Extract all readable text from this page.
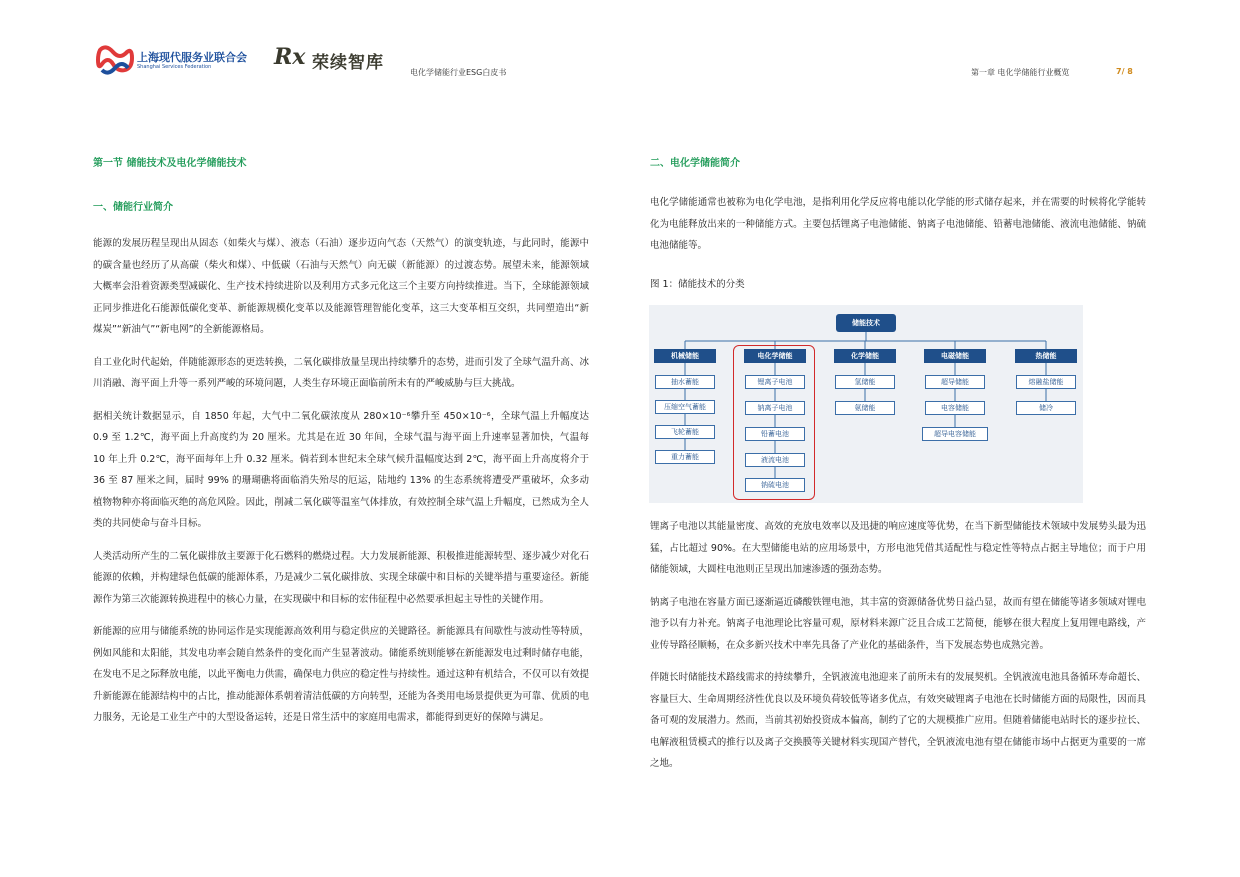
上海现代服务业联合会
Shanghai Services Federation	Rx 荣续智库	电化学储能行业ESG白皮书	第一章 电化学储能行业概览	7/ 8

第一节 储能技术及电化学储能技术

一、储能行业简介

能源的发展历程呈现出从固态（如柴火与煤）、液态（石油）逐步迈向气态（天然气）的演变轨迹，与此同时，能源中的碳含量也经历了从高碳（柴火和煤）、中低碳（石油与天然气）向无碳（新能源）的过渡态势。展望未来，能源领域大概率会沿着资源类型减碳化、生产技术持续进阶以及利用方式多元化这三个主要方向持续推进。当下，全球能源领域正同步推进化石能源低碳化变革、新能源规模化变革以及能源管理智能化变革，这三大变革相互交织，共同塑造出“新煤炭”“新油气”“新电网”的全新能源格局。

自工业化时代起始，伴随能源形态的更迭转换，二氧化碳排放量呈现出持续攀升的态势，进而引发了全球气温升高、冰川消融、海平面上升等一系列严峻的环境问题，人类生存环境正面临前所未有的严峻威胁与巨大挑战。

据相关统计数据显示，自 1850 年起，大气中二氧化碳浓度从 280×10⁻⁶攀升至 450×10⁻⁶，全球气温上升幅度达 0.9 至 1.2℃，海平面上升高度约为 20 厘米。尤其是在近 30 年间，全球气温与海平面上升速率显著加快，气温每 10 年上升 0.2℃，海平面每年上升 0.32 厘米。倘若到本世纪末全球气候升温幅度达到 2℃，海平面上升高度将介于 36 至 87 厘米之间，届时 99% 的珊瑚礁将面临消失殆尽的厄运，陆地约 13% 的生态系统将遭受严重破坏，众多动植物物种亦将面临灭绝的高危风险。因此，削减二氧化碳等温室气体排放，有效控制全球气温上升幅度，已然成为全人类的共同使命与奋斗目标。

人类活动所产生的二氧化碳排放主要源于化石燃料的燃烧过程。大力发展新能源、积极推进能源转型、逐步减少对化石能源的依赖，并构建绿色低碳的能源体系，乃是减少二氧化碳排放、实现全球碳中和目标的关键举措与重要途径。新能源作为第三次能源转换进程中的核心力量，在实现碳中和目标的宏伟征程中必然要承担起主导性的关键作用。

新能源的应用与储能系统的协同运作是实现能源高效利用与稳定供应的关键路径。新能源具有间歇性与波动性等特质，例如风能和太阳能，其发电功率会随自然条件的变化而产生显著波动。储能系统则能够在新能源发电过剩时储存电能，在发电不足之际释放电能，以此平衡电力供需，确保电力供应的稳定性与持续性。通过这种有机结合，不仅可以有效提升新能源在能源结构中的占比，推动能源体系朝着清洁低碳的方向转型，还能为各类用电场景提供更为可靠、优质的电力服务，无论是工业生产中的大型设备运转，还是日常生活中的家庭用电需求，都能得到更好的保障与满足。

二、电化学储能简介

电化学储能通常也被称为电化学电池，是指利用化学反应将电能以化学能的形式储存起来，并在需要的时候将化学能转化为电能释放出来的一种储能方式。主要包括锂离子电池储能、钠离子电池储能、铅蓄电池储能、液流电池储能、钠硫电池储能等。

图 1：储能技术的分类

储能技术
机械储能	电化学储能	化学储能	电磁储能	热储能
抽水蓄能
压缩空气蓄能
飞轮蓄能
重力蓄能
锂离子电池
钠离子电池
铅蓄电池
液流电池
钠硫电池
氢储能
氨储能
超导储能
电容储能
超导电容储能
熔融盐储能
储冷

锂离子电池以其能量密度、高效的充放电效率以及迅捷的响应速度等优势，在当下新型储能技术领域中发展势头最为迅猛，占比超过 90%。在大型储能电站的应用场景中，方形电池凭借其适配性与稳定性等特点占据主导地位；而于户用储能领域，大圆柱电池则正呈现出加速渗透的强劲态势。

钠离子电池在容量方面已逐渐逼近磷酸铁锂电池，其丰富的资源储备优势日益凸显，故而有望在储能等诸多领域对锂电池予以有力补充。钠离子电池理论比容量可观，原材料来源广泛且合成工艺简便，能够在很大程度上复用锂电路线，产业传导路径顺畅，在众多新兴技术中率先具备了产业化的基础条件，当下发展态势也成熟完善。

伴随长时储能技术路线需求的持续攀升，全钒液流电池迎来了前所未有的发展契机。全钒液流电池具备循环寿命超长、容量巨大、生命周期经济性优良以及环境负荷较低等诸多优点，有效突破锂离子电池在长时储能方面的局限性，因而具备可观的发展潜力。然而，当前其初始投资成本偏高，制约了它的大规模推广应用。但随着储能电站时长的逐步拉长、电解液租赁模式的推行以及离子交换膜等关键材料实现国产替代，全钒液流电池有望在储能市场中占据更为重要的一席之地。
